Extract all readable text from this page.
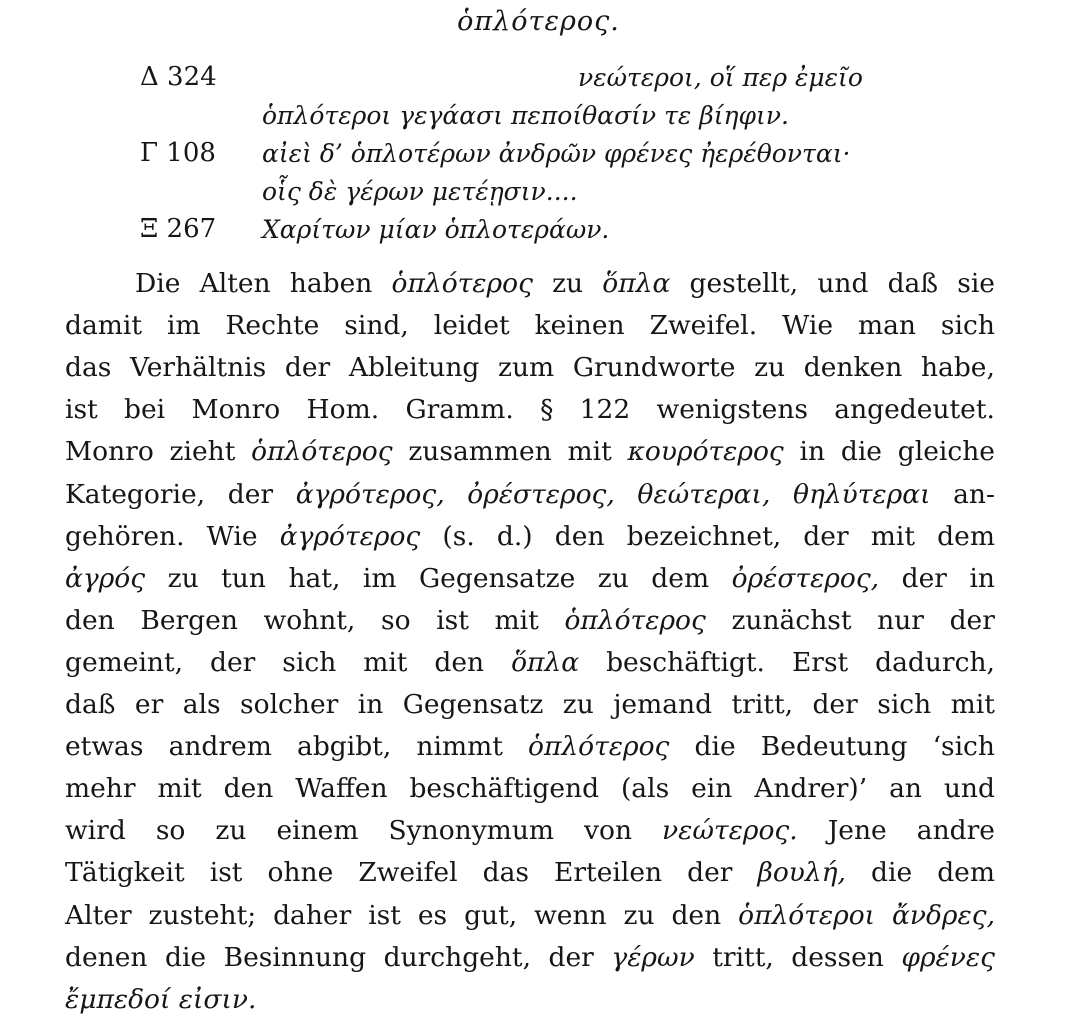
ὁπλότερος.
Δ 324	νεώτεροι, οἵ περ ἐμεῖο
ὁπλότεροι γεγάασι πεποίθασίν τε βίηφιν.
Γ 108 αἰεὶ δ’ ὁπλοτέρων ἀνδρῶν φρένες ἠερέθονται·
οἷς δὲ γέρων μετέῃσιν....
Ξ 267 Χαρίτων μίαν ὁπλοτεράων.
Die Alten haben ὁπλότερος zu ὅπλα gestellt, und daß sie
damit im Rechte sind, leidet keinen Zweifel. Wie man sich
das Verhältnis der Ableitung zum Grundworte zu denken habe,
ist bei Monro Hom. Gramm. § 122 wenigstens angedeutet.
Monro zieht ὁπλότερος zusammen mit κουρότερος in die gleiche
Kategorie, der ἀγρότερος, ὀρέστερος, θεώτεραι, θηλύτεραι an-
gehören. Wie ἀγρότερος (s. d.) den bezeichnet, der mit dem
ἀγρός zu tun hat, im Gegensatze zu dem ὀρέστερος, der in
den Bergen wohnt, so ist mit ὁπλότερος zunächst nur der
gemeint, der sich mit den ὅπλα beschäftigt. Erst dadurch,
daß er als solcher in Gegensatz zu jemand tritt, der sich mit
etwas andrem abgibt, nimmt ὁπλότερος die Bedeutung ‘sich
mehr mit den Waffen beschäftigend (als ein Andrer)’ an und
wird so zu einem Synonymum von νεώτερος. Jene andre
Tätigkeit ist ohne Zweifel das Erteilen der βουλή, die dem
Alter zusteht; daher ist es gut, wenn zu den ὁπλότεροι ἄνδρες,
denen die Besinnung durchgeht, der γέρων tritt, dessen φρένες
ἔμπεδοί εἰσιν.
